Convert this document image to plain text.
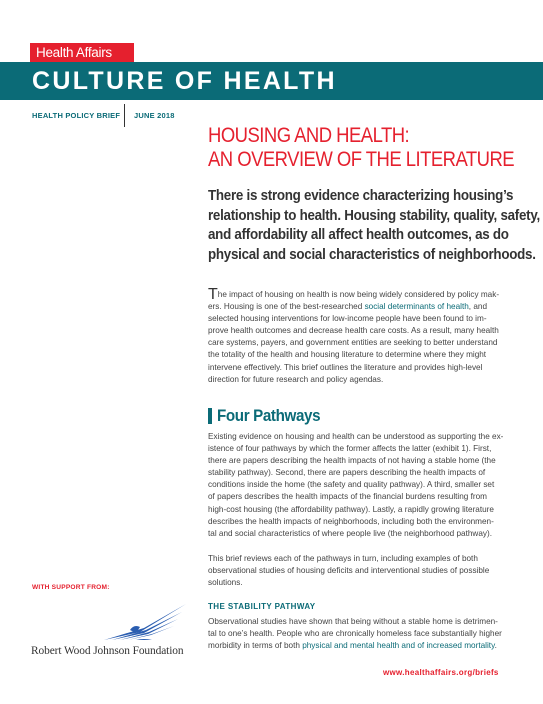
Health Affairs
CULTURE OF HEALTH
HEALTH POLICY BRIEF JUNE 2018
HOUSING AND HEALTH:
AN OVERVIEW OF THE LITERATURE
There is strong evidence characterizing housing’s
relationship to health. Housing stability, quality, safety,
and affordability all affect health outcomes, as do
physical and social characteristics of neighborhoods.
The impact of housing on health is now being widely considered by policy mak-
ers. Housing is one of the best-researched social determinants of health, and
selected housing interventions for low-income people have been found to im-
prove health outcomes and decrease health care costs. As a result, many health
care systems, payers, and government entities are seeking to better understand
the totality of the health and housing literature to determine where they might
intervene effectively. This brief outlines the literature and provides high-level
direction for future research and policy agendas.
Four Pathways
Existing evidence on housing and health can be understood as supporting the ex-
istence of four pathways by which the former affects the latter (exhibit 1). First,
there are papers describing the health impacts of not having a stable home (the
stability pathway). Second, there are papers describing the health impacts of
conditions inside the home (the safety and quality pathway). A third, smaller set
of papers describes the health impacts of the financial burdens resulting from
high-cost housing (the affordability pathway). Lastly, a rapidly growing literature
describes the health impacts of neighborhoods, including both the environmen-
tal and social characteristics of where people live (the neighborhood pathway).
This brief reviews each of the pathways in turn, including examples of both
observational studies of housing deficits and interventional studies of possible
solutions.
THE STABILITY PATHWAY
Observational studies have shown that being without a stable home is detrimen-
tal to one’s health. People who are chronically homeless face substantially higher
morbidity in terms of both physical and mental health and of increased mortality.
WITH SUPPORT FROM:
Robert Wood Johnson Foundation
www.healthaffairs.org/briefs
